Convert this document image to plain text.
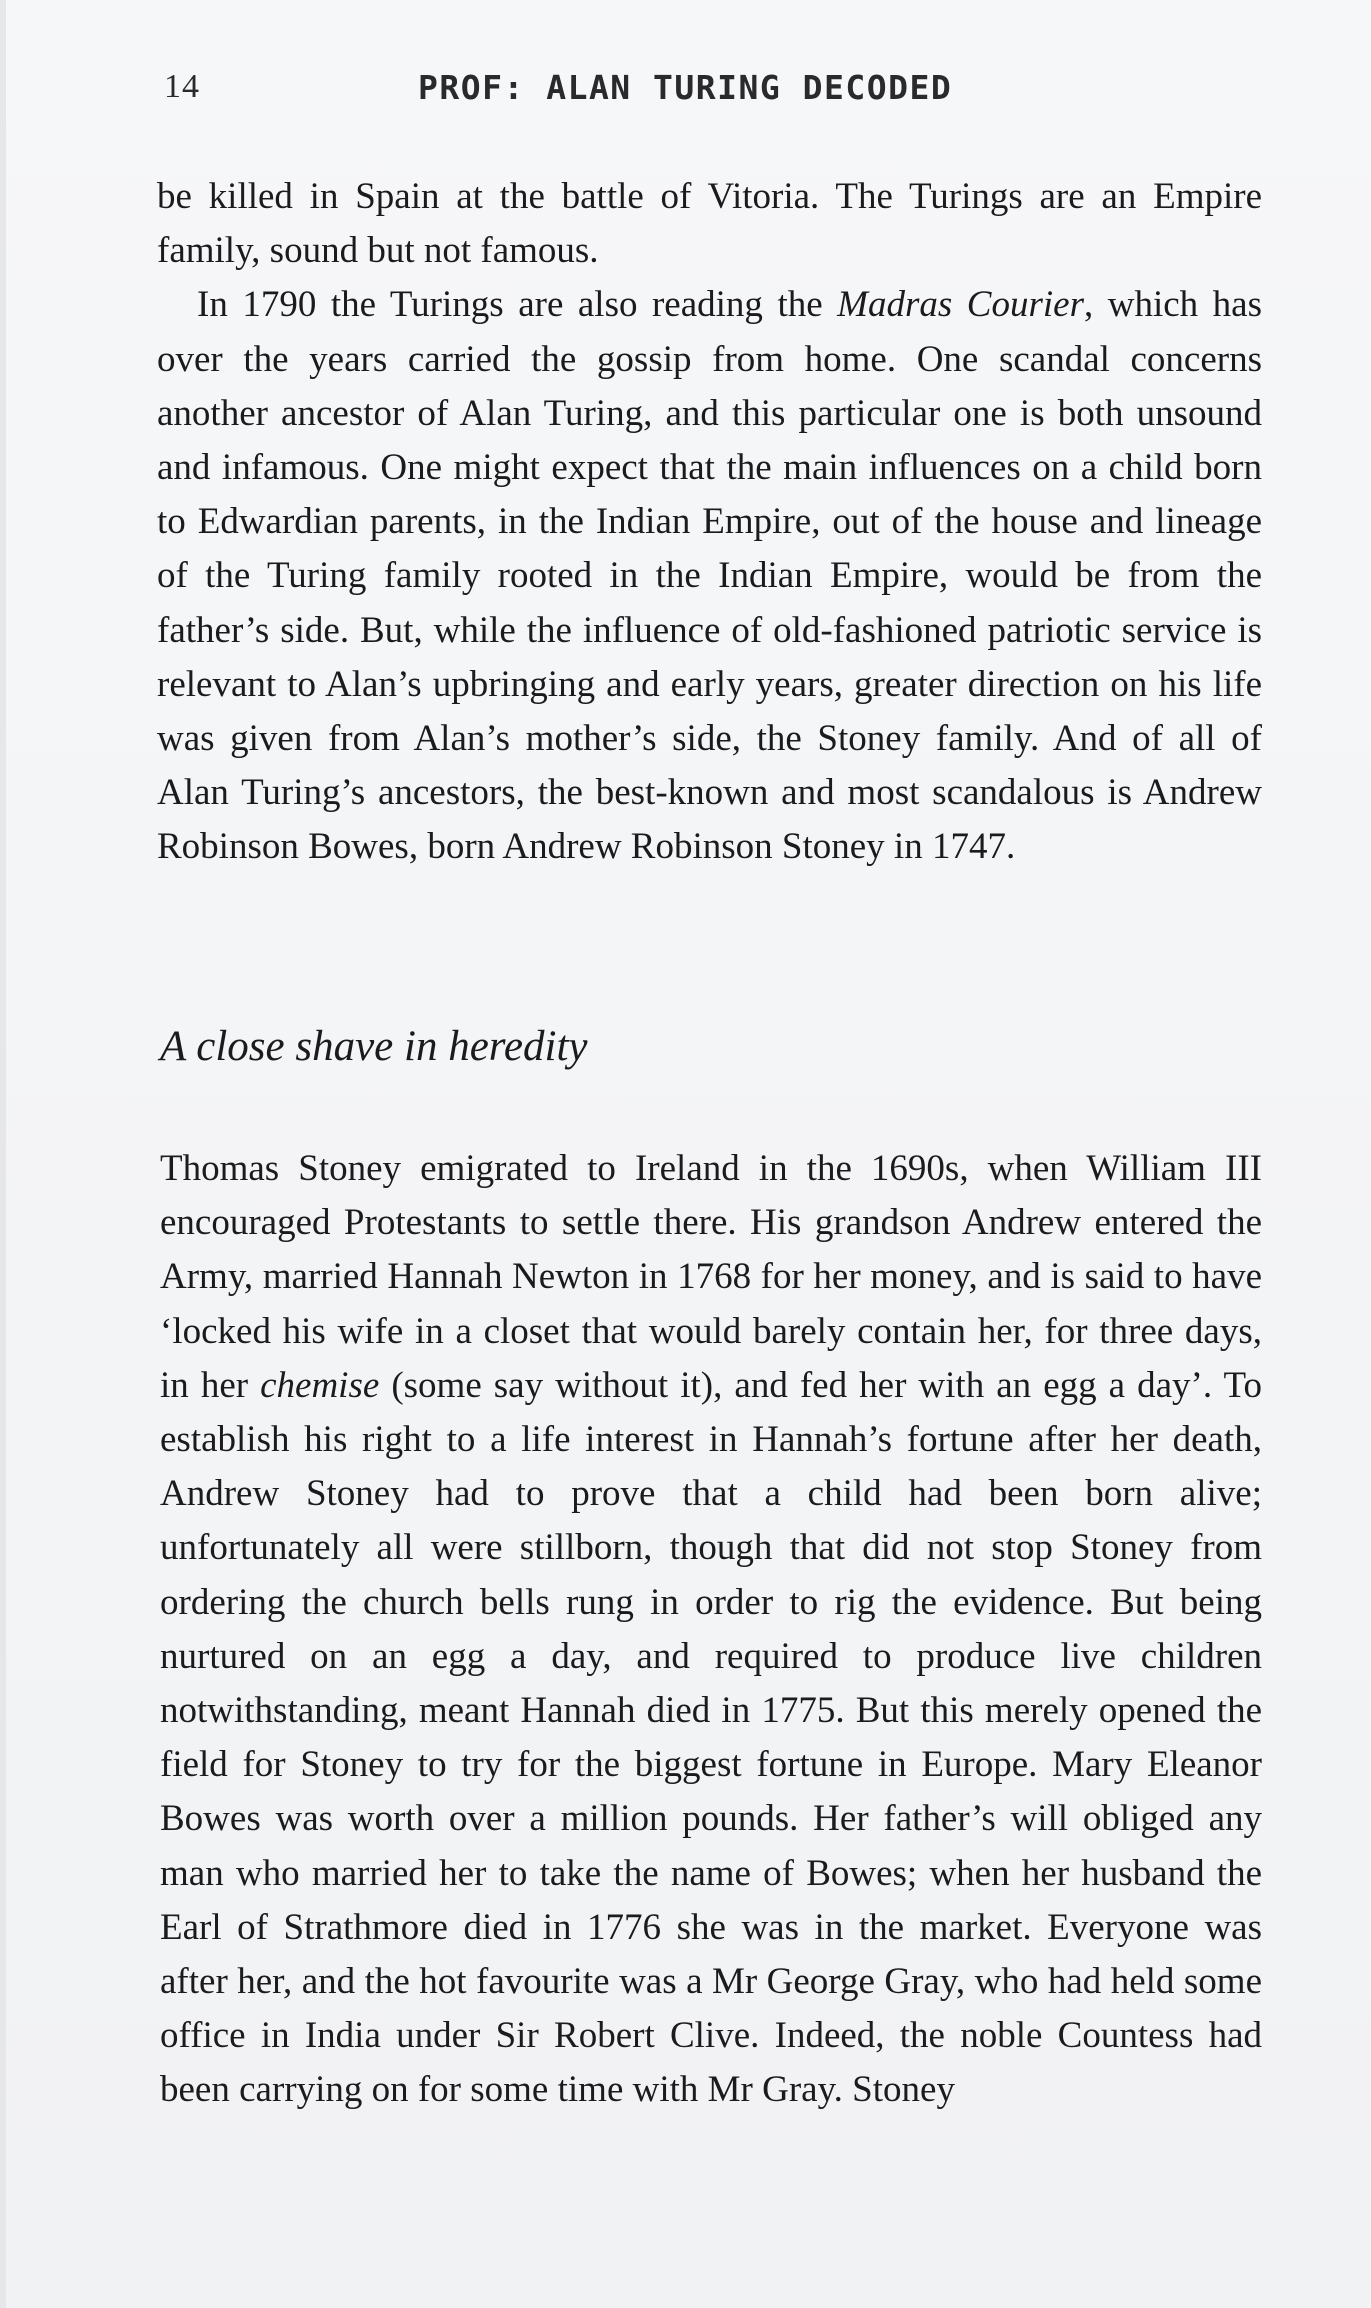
14	PROF: ALAN TURING DECODED

be killed in Spain at the battle of Vitoria. The Turings are an Empire family, sound but not famous.

In 1790 the Turings are also reading the Madras Courier, which has over the years carried the gossip from home. One scandal concerns another ancestor of Alan Turing, and this particular one is both unsound and infamous. One might expect that the main influences on a child born to Edwardian parents, in the Indian Empire, out of the house and lineage of the Turing family rooted in the Indian Empire, would be from the father’s side. But, while the influence of old-fashioned patriotic service is relevant to Alan’s upbringing and early years, greater direction on his life was given from Alan’s mother’s side, the Stoney family. And of all of Alan Turing’s ancestors, the best-known and most scandalous is Andrew Robinson Bowes, born Andrew Robinson Stoney in 1747.

A close shave in heredity

Thomas Stoney emigrated to Ireland in the 1690s, when William III encouraged Protestants to settle there. His grandson Andrew entered the Army, married Hannah Newton in 1768 for her money, and is said to have ‘locked his wife in a closet that would barely contain her, for three days, in her chemise (some say without it), and fed her with an egg a day’. To establish his right to a life interest in Hannah’s fortune after her death, Andrew Stoney had to prove that a child had been born alive; unfortunately all were stillborn, though that did not stop Stoney from ordering the church bells rung in order to rig the evidence. But being nurtured on an egg a day, and required to produce live children notwithstanding, meant Hannah died in 1775. But this merely opened the field for Stoney to try for the biggest fortune in Europe. Mary Eleanor Bowes was worth over a million pounds. Her father’s will obliged any man who married her to take the name of Bowes; when her husband the Earl of Strathmore died in 1776 she was in the market. Everyone was after her, and the hot favourite was a Mr George Gray, who had held some office in India under Sir Robert Clive. Indeed, the noble Countess had been carrying on for some time with Mr Gray. Stoney
